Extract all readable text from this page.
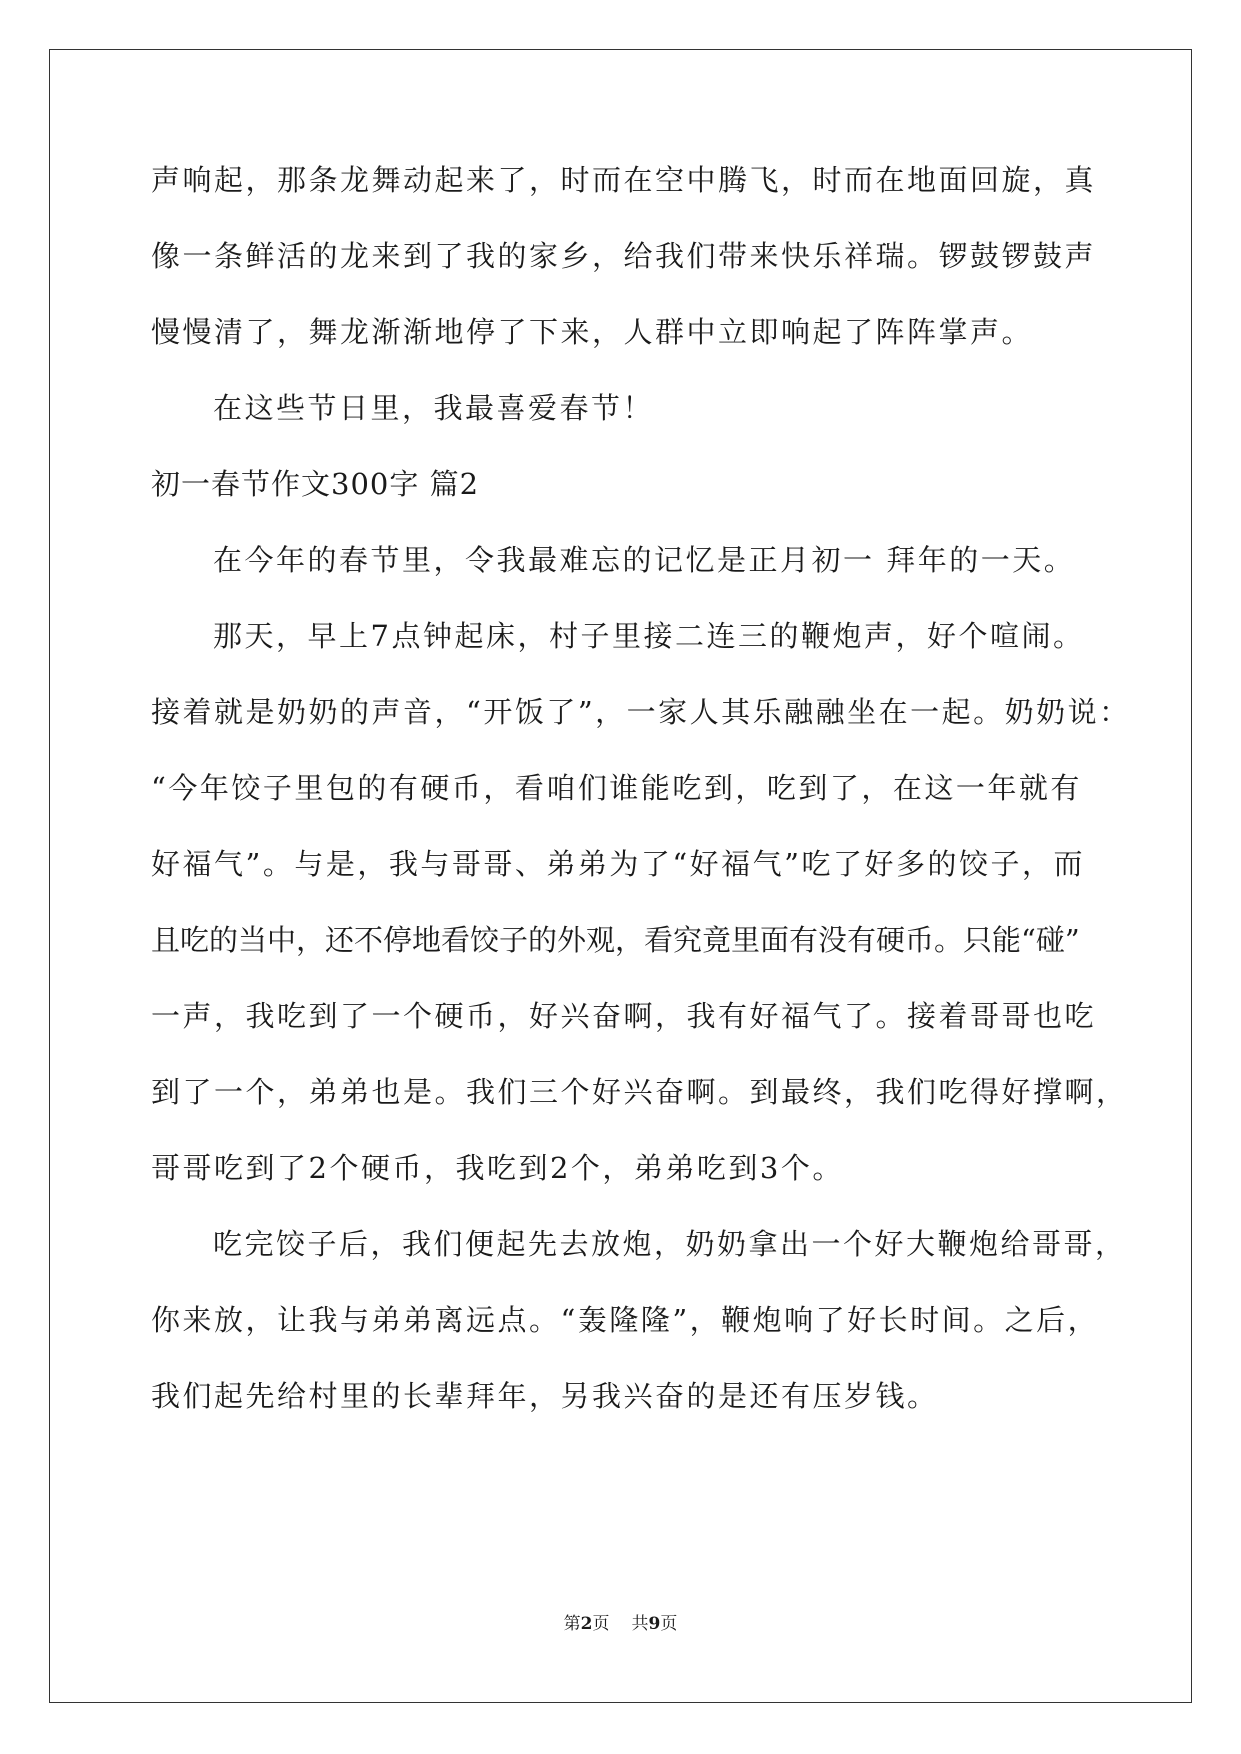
声响起，那条龙舞动起来了，时而在空中腾飞，时而在地面回旋，真
像一条鲜活的龙来到了我的家乡，给我们带来快乐祥瑞。锣鼓锣鼓声
慢慢清了，舞龙渐渐地停了下来，人群中立即响起了阵阵掌声。
在这些节日里，我最喜爱春节！
初一春节作文300字 篇2
在今年的春节里，令我最难忘的记忆是正月初一 拜年的一天。
那天，早上7点钟起床，村子里接二连三的鞭炮声，好个喧闹。
接着就是奶奶的声音，“开饭了”，一家人其乐融融坐在一起。奶奶说：
“今年饺子里包的有硬币，看咱们谁能吃到，吃到了，在这一年就有
好福气”。与是，我与哥哥、弟弟为了“好福气”吃了好多的饺子，而
且吃的当中，还不停地看饺子的外观，看究竟里面有没有硬币。只能“碰”
一声，我吃到了一个硬币，好兴奋啊，我有好福气了。接着哥哥也吃
到了一个，弟弟也是。我们三个好兴奋啊。到最终，我们吃得好撑啊，
哥哥吃到了2个硬币，我吃到2个，弟弟吃到3个。
吃完饺子后，我们便起先去放炮，奶奶拿出一个好大鞭炮给哥哥，
你来放，让我与弟弟离远点。“轰隆隆”，鞭炮响了好长时间。之后，
我们起先给村里的长辈拜年，另我兴奋的是还有压岁钱。
第2页 共9页
